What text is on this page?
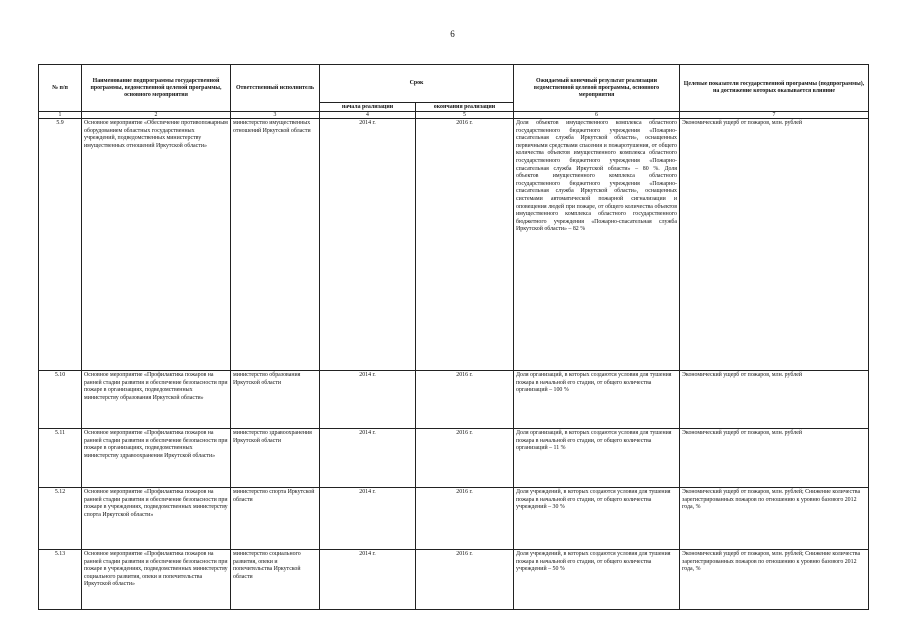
6
№ п/п	Наименование подпрограммы государственной программы, ведомственной целевой программы, основного мероприятия	Ответственный исполнитель	Срок		Ожидаемый конечный результат реализации ведомственной целевой программы, основного мероприятия	Целевые показатели государственной программы (подпрограммы), на достижение которых оказывается влияние
			начала реализации	окончания реализации		
1	2	3	4	5	6	7
5.9	Основное мероприятие «Обеспечение противопожарным оборудованием областных государственных учреждений, подведомственных министерству имущественных отношений Иркутской области»	министерство имущественных отношений Иркутской области	2014 г.	2016 г.	Доля объектов имущественного комплекса областного государственного бюджетного учреждения «Пожарно-спасательная служба Иркутской области», оснащенных первичными средствами спасения и пожаротушения, от общего количества объектов имущественного комплекса областного государственного бюджетного учреждения «Пожарно-спасательная служба Иркутской области» – 80 %. Доля объектов имущественного комплекса областного государственного бюджетного учреждения «Пожарно-спасательная служба Иркутской области», оснащенных системами автоматической пожарной сигнализации и оповещения людей при пожаре, от общего количества объектов имущественного комплекса областного государственного бюджетного учреждения «Пожарно-спасательная служба Иркутской области» – 82 %	Экономический ущерб от пожаров, млн. рублей
5.10	Основное мероприятие «Профилактика пожаров на ранней стадии развития и обеспечение безопасности при пожаре в организациях, подведомственных министерству образования Иркутской области»	министерство образования Иркутской области	2014 г.	2016 г.	Доля организаций, в которых создаются условия для тушения пожара в начальной его стадии, от общего количества организаций – 100 %	Экономический ущерб от пожаров, млн. рублей
5.11	Основное мероприятие «Профилактика пожаров на ранней стадии развития и обеспечение безопасности при пожаре в организациях, подведомственных министерству здравоохранения Иркутской области»	министерство здравоохранения Иркутской области	2014 г.	2016 г.	Доля организаций, в которых создаются условия для тушения пожара в начальной его стадии, от общего количества организаций – 11 %	Экономический ущерб от пожаров, млн. рублей
5.12	Основное мероприятие «Профилактика пожаров на ранней стадии развития и обеспечение безопасности при пожаре в учреждениях, подведомственных министерству спорта Иркутской области»	министерство спорта Иркутской области	2014 г.	2016 г.	Доля учреждений, в которых создаются условия для тушения пожара в начальной его стадии, от общего количества учреждений – 30 %	Экономический ущерб от пожаров, млн. рублей; Снижение количества зарегистрированных пожаров по отношению к уровню базового 2012 года, %
5.13	Основное мероприятие «Профилактика пожаров на ранней стадии развития и обеспечение безопасности при пожаре в учреждениях, подведомственных министерству социального развития, опеки и попечительства Иркутской области»	министерство социального развития, опеки и попечительства Иркутской области	2014 г.	2016 г.	Доля учреждений, в которых создаются условия для тушения пожара в начальной его стадии, от общего количества учреждений – 50 %	Экономический ущерб от пожаров, млн. рублей; Снижение количества зарегистрированных пожаров по отношению к уровню базового 2012 года, %
